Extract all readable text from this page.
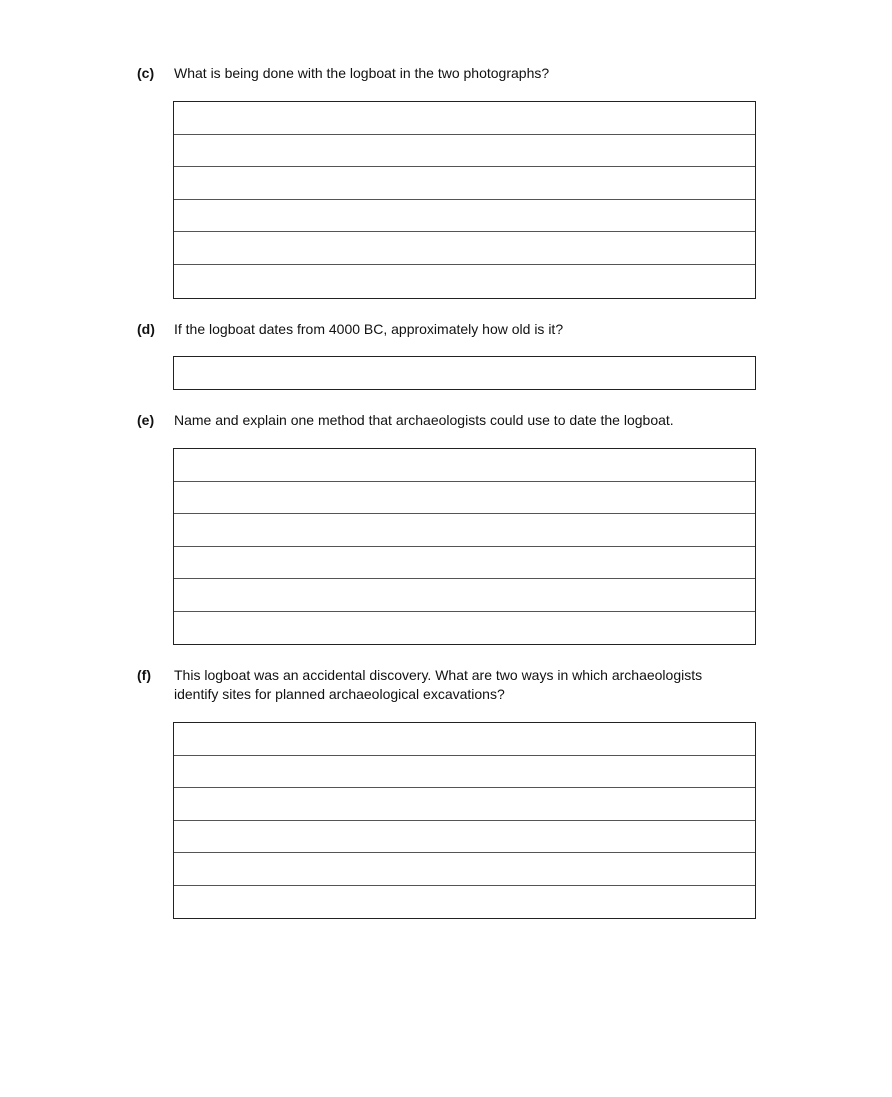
(c) What is being done with the logboat in the two photographs?
(d) If the logboat dates from 4000 BC, approximately how old is it?
(e) Name and explain one method that archaeologists could use to date the logboat.
(f) This logboat was an accidental discovery. What are two ways in which archaeologists
identify sites for planned archaeological excavations?
